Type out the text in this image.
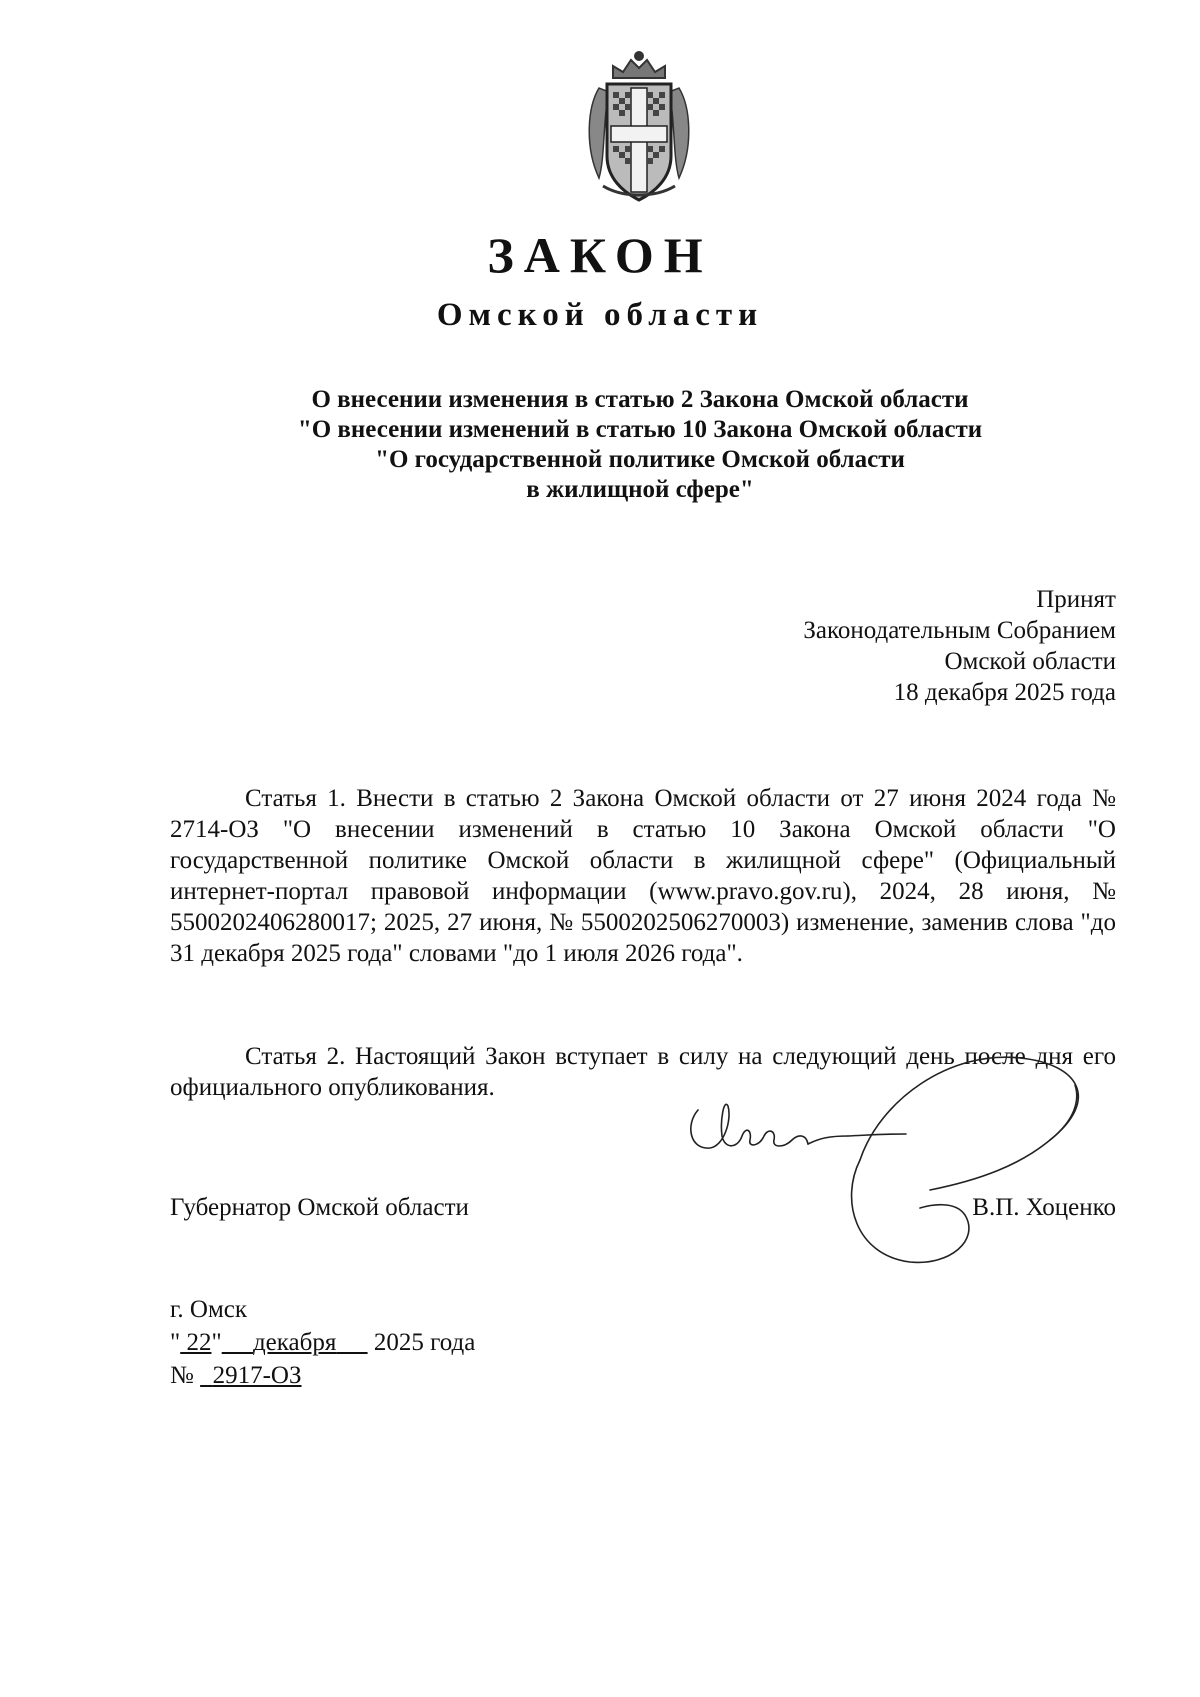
ЗАКОН
Омской области
О внесении изменения в статью 2 Закона Омской области
"О внесении изменений в статью 10 Закона Омской области
"О государственной политике Омской области
в жилищной сфере"
Принят
Законодательным Собранием
Омской области
18 декабря 2025 года

Статья 1. Внести в статью 2 Закона Омской области от 27 июня 2024 года № 2714-ОЗ "О внесении изменений в статью 10 Закона Омской области "О государственной политике Омской области в жилищной сфере" (Официальный интернет-портал правовой информации (www.pravo.gov.ru), 2024, 28 июня, № 5500202406280017; 2025, 27 июня, № 5500202506270003) изменение, заменив слова "до 31 декабря 2025 года" словами "до 1 июля 2026 года".

Статья 2. Настоящий Закон вступает в силу на следующий день после дня его официального опубликования.

Губернатор Омской области	В.П. Хоценко
г. Омск
" 22" декабря 2025 года
№ 2917-ОЗ
